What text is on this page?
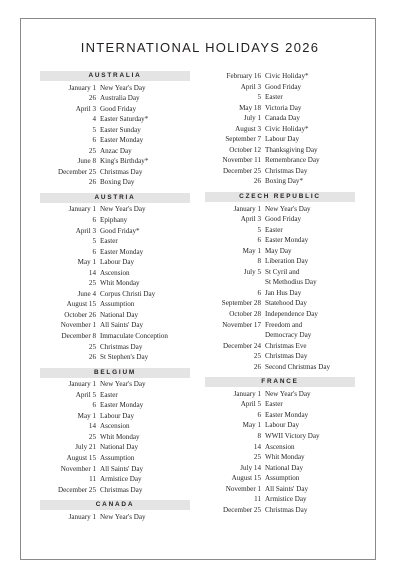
INTERNATIONAL HOLIDAYS 2026
AUSTRALIA
January 1 New Year's Day
26 Australia Day
April 3 Good Friday
4 Easter Saturday*
5 Easter Sunday
6 Easter Monday
25 Anzac Day
June 8 King's Birthday*
December 25 Christmas Day
26 Boxing Day
AUSTRIA
January 1 New Year's Day
6 Epiphany
April 3 Good Friday*
5 Easter
6 Easter Monday
May 1 Labour Day
14 Ascension
25 Whit Monday
June 4 Corpus Christi Day
August 15 Assumption
October 26 National Day
November 1 All Saints' Day
December 8 Immaculate Conception
25 Christmas Day
26 St Stephen's Day
BELGIUM
January 1 New Year's Day
April 5 Easter
6 Easter Monday
May 1 Labour Day
14 Ascension
25 Whit Monday
July 21 National Day
August 15 Assumption
November 1 All Saints' Day
11 Armistice Day
December 25 Christmas Day
CANADA
January 1 New Year's Day
February 16 Civic Holiday*
April 3 Good Friday
5 Easter
May 18 Victoria Day
July 1 Canada Day
August 3 Civic Holiday*
September 7 Labour Day
October 12 Thanksgiving Day
November 11 Remembrance Day
December 25 Christmas Day
26 Boxing Day*
CZECH REPUBLIC
January 1 New Year's Day
April 3 Good Friday
5 Easter
6 Easter Monday
May 1 May Day
8 Liberation Day
July 5 St Cyril and
St Methodius Day
6 Jan Hus Day
September 28 Statehood Day
October 28 Independence Day
November 17 Freedom and
Democracy Day
December 24 Christmas Eve
25 Christmas Day
26 Second Christmas Day
FRANCE
January 1 New Year's Day
April 5 Easter
6 Easter Monday
May 1 Labour Day
8 WWII Victory Day
14 Ascension
25 Whit Monday
July 14 National Day
August 15 Assumption
November 1 All Saints' Day
11 Armistice Day
December 25 Christmas Day
